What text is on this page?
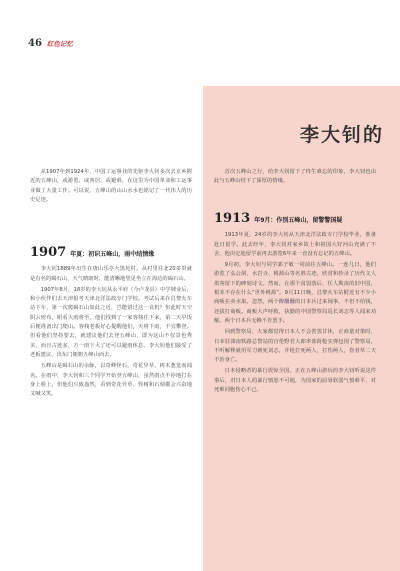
46 红色记忆
李大钊的

从1907年到1924年，中国工运事业的先驱李大钊多次去京乡附近的五峰山，或游览，或客居，或避难，在这里为中国革命和工运事业做了大量工作。可以说，五峰山的山山水水也铭记了一代伟人的历史足迹。

1907 年夏：初识五峰山，雨中结情缘

李大钊1889年出生在唐山乐亭大黑坨村。从村里往北20多里就是有名的碣石山，天气晴朗时，能清晰地望见坐立在海边的碣石山。

1907年8月，18岁的李大钊从永平府（今卢龙县）中学肄业后，和小伙伴们去天津报考天津北洋法政专门学校。考试后来在昌黎火车站下车，第一次爬碣石山如此之近，岂能错过这一良机？但此时天空阴云密布，眼看大雨将至。他们找到了一家客栈住下来，第二天早饭后便准备出门爬山。客栈老板好心提醒他们，天将下雨，不宜攀登。但看他们坚持要去，就建议他们去登五峰山，即为这山不仅景色秀美，而且古迹多，方一雨下大了还可以避雨休息。李大钊他们接受了老板建议，出东门便朝五峰山而去。

五峰山是碣石山的余脉，以奇峰怪石，奇花异草，树木葱茏而闻名。在雨中，李大钊和三个同学开始登五峰山，虽然雨点不停地打在身上脸上，但他们兴致盎然，看到奇花异草、怪树和石刻都会兴奋地又喊又笑。

首次五峰山之行，给李大钊留下了终生难忘的印象，李大钊也由此与五峰山结下了深厚的情缘。

1913 年9月：作别五峰山，留警警国疑

1913年夏，24岁的李大钊从天津北洋法政专门学校毕业，准备赴日留学。此去经年，李大钊对家乡故土和祖国大好河山充满了不舍，他决定趁留学前再去游览6年来一直没有忘记的五峰山。

9月初，李大钊与同学郭子敏一同前往五峰山。一连几日，他们游览了弘公洞、水岩寺、桃源山等名胜古迹，欣赏和抄录了历代文人墨客留下的碑刻诗文。然而，在那个贫弱落后、任人欺凌的旧中国，根本不存在什么“世外桃源”。9月11日晚，昌黎火车站附近有不少小商贩在卖水果。忽然，两个醉醺醺的日本兵过来闹事，不但不给钱，还拔打商贩。商贩大声呼救，执勤的中国警察局巡长刘志等人闻来劝解。两个日本兵无赖不肯罢手。

回到警察局，大家都觉得日本人不会善罢甘休，正商量对策时，日本驻滦南铁路总警站的宫伦野君大郎率部荷枪实弹包围了警察局，不听解释就用军刀刺死刘志，并枪打死两人，打伤两人，伤者草二天不治身亡。

日本侵略者的暴行震惊全国。正在五峰山游玩的李大钊听说这件事后，对日本人的暴行愤怒不可遏，为国家的屈辱软弱气愤难平，对死难同胞伤心不已。
